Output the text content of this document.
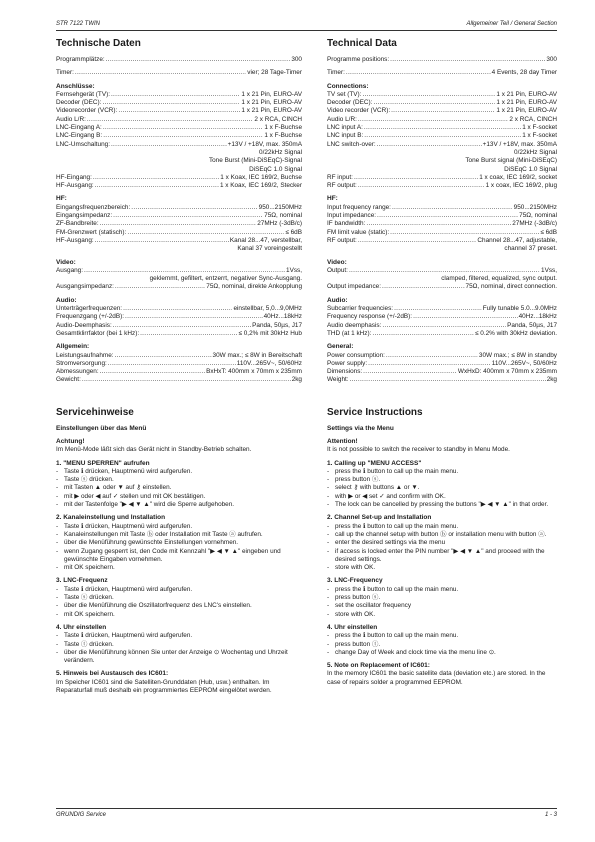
STR 7122 TWIN	Allgemeiner Teil / General Section
Technische Daten
Programmplätze: .....	300
Timer: .....	vier; 28 Tage-Timer
Anschlüsse:
Fernsehgerät (TV): .....	1 x 21 Pin, EURO-AV
Decoder (DEC): .....	1 x 21 Pin, EURO-AV
Videorecorder (VCR): .....	1 x 21 Pin, EURO-AV
Audio L/R: .....	2 x RCA, CINCH
LNC-Eingang A: .....	1 x F-Buchse
LNC-Eingang B: .....	1 x F-Buchse
LNC-Umschaltung: .....	+13V / +18V, max. 350mA
0/22kHz Signal
Tone Burst (Mini-DiSEqC)-Signal
DiSEqC 1.0 Signal
HF-Eingang: .....	1 x Koax, IEC 169/2, Buchse
HF-Ausgang: .....	1 x Koax, IEC 169/2, Stecker
HF:
Eingangsfrequenzbereich: .....	950...2150MHz
Eingangsimpedanz: .....	75Ω, nominal
ZF-Bandbreite: .....	27MHz (-3dB/c)
FM-Grenzwert (statisch): .....	≤ 6dB
HF-Ausgang: .....	Kanal 28...47, verstellbar,
Kanal 37 voreingestellt
Video:
Ausgang: .....	1Vss,
geklemmt, gefiltert, entzerrt, negativer Sync-Ausgang.
Ausgangsimpedanz: .....	75Ω, nominal, direkte Ankopplung
Audio:
Unterträgerfrequenzen: .....	einstellbar, 5,0...9,0MHz
Frequenzgang (+/-2dB): .....	40Hz...18kHz
Audio-Deemphasis: .....	Panda, 50µs, J17
Gesamtklirrfaktor (bei 1 kHz): .....	≤ 0,2% mit 30kHz Hub
Allgemein:
Leistungsaufnahme: .....	30W max.; ≤ 8W in Bereitschaft
Stromversorgung: .....	110V...265V~, 50/60Hz
Abmessungen: .....	BxHxT: 400mm x 70mm x 235mm
Gewicht: .....	2kg
Servicehinweise
Einstellungen über das Menü
Achtung!

Im Menü-Mode läßt sich das Gerät nicht in Standby-Betrieb schalten.

1. "MENU SPERREN" aufrufen
- Taste ℹ drücken, Hauptmenü wird aufgerufen.
- Taste ⓢ drücken.
- mit Tasten ▲ oder ▼ auf ⚷ einstellen.
- mit ▶ oder ◀ auf ✓ stellen und mit OK bestätigen.
- mit der Tastenfolge "▶ ◀ ▼ ▲" wird die Sperre aufgehoben.
2. Kanaleinstellung und Installation
- Taste ℹ drücken, Hauptmenü wird aufgerufen.
- Kanaleinstellungen mit Taste ⓑ oder Installation mit Taste ⓐ aufrufen.
- über die Menüführung gewünschte Einstellungen vornehmen.
- wenn Zugang gesperrt ist, den Code mit Kennzahl "▶ ◀ ▼ ▲" eingeben und gewünschte Eingaben vornehmen.
- mit OK speichern.
3. LNC-Frequenz
- Taste ℹ drücken, Hauptmenü wird aufgerufen.
- Taste ⓢ drücken.
- über die Menüführung die Oszillatorfrequenz des LNC's einstellen.
- mit OK speichern.
4. Uhr einstellen
- Taste ℹ drücken, Hauptmenü wird aufgerufen.
- Taste ⓣ drücken.
- über die Menüführung können Sie unter der Anzeige ⊙ Wochentag und Uhrzeit verändern.
5. Hinweis bei Austausch des IC601:

Im Speicher IC601 sind die Satelliten-Grunddaten (Hub, usw.) enthalten. Im Reparaturfall muß deshalb ein programmiertes EEPROM eingelötet werden.

Technical Data
Programme positions: .....	300
Timer: .....	4 Events, 28 day Timer
Connections:
TV set (TV): .....	1 x 21 Pin, EURO-AV
Decoder (DEC): .....	1 x 21 Pin, EURO-AV
Video recorder (VCR): .....	1 x 21 Pin, EURO-AV
Audio L/R: .....	2 x RCA, CINCH
LNC input A: .....	1 x F-socket
LNC input B: .....	1 x F-socket
LNC switch-over: .....	+13V / +18V, max. 350mA
0/22kHz Signal
Tone Burst signal (Mini-DiSEqC)
DiSEqC 1.0 Signal
RF input: .....	1 x coax, IEC 169/2, socket
RF output: .....	1 x coax, IEC 169/2, plug
HF:
Input frequency range: .....	950...2150MHz
Input impedance: .....	75Ω, nominal
IF bandwidth: .....	27MHz (-3dB/c)
FM limit value (static): .....	≤ 6dB
RF output: .....	Channel 28...47, adjustable,
channel 37 preset.
Video:
Output: .....	1Vss,
clamped, filtered, equalized, sync output.
Output impedance: .....	75Ω, nominal, direct connection.
Audio:
Subcarrier frequencies: .....	Fully tunable 5.0...9.0MHz
Frequency response (+/-2dB): .....	40Hz...18kHz
Audio deemphasis: .....	Panda, 50µs, J17
THD (at 1 kHz): .....	≤ 0.2% with 30kHz deviation.
General:
Power consumption: .....	30W max.; ≤ 8W in standby
Power supply: .....	110V...265V~, 50/60Hz
Dimensions: .....	WxHxD: 400mm x 70mm x 235mm
Weight: .....	2kg
Service Instructions
Settings via the Menu
Attention!

It is not possible to switch the receiver to standby in Menu Mode.

1. Calling up "MENU ACCESS"
- press the ℹ button to call up the main menu.
- press button ⓢ.
- select ⚷ with buttons ▲ or ▼.
- with ▶ or ◀ set ✓ and confirm with OK.
- The lock can be cancelled by pressing the buttons "▶ ◀ ▼ ▲" in that order.
2. Channel Set-up and Installation
- press the ℹ button to call up the main menu.
- call up the channel setup with button ⓑ or installation menu with button ⓐ.
- enter the desired settings via the menu
- if access is locked enter the PIN number "▶ ◀ ▼ ▲" and proceed with the desired settings.
- store with OK.
3. LNC-Frequency
- press the ℹ button to call up the main menu.
- press button ⓢ.
- set the oscillator frequency
- store with OK.
4. Uhr einstellen
- press the ℹ button to call up the main menu.
- press button ⓣ.
- change Day of Week and clock time via the menu line ⊙.
5. Note on Replacement of IC601:

In the memory IC601 the basic satellite data (deviation etc.) are stored. In the case of repairs solder a programmed EEPROM.

GRUNDIG Service	1 - 3
